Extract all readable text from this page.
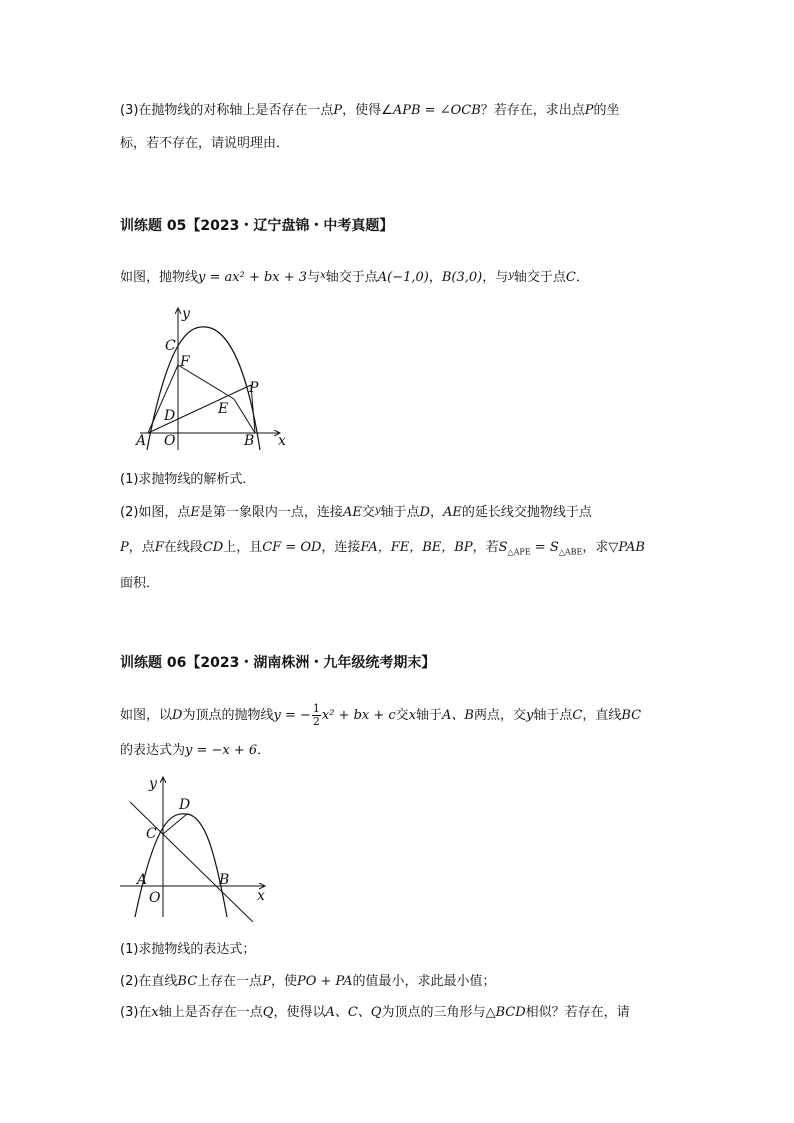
(3)在抛物线的对称轴上是否存在一点P，使得∠APB = ∠OCB？若存在，求出点P的坐
标，若不存在，请说明理由．
训练题 05【2023・辽宁盘锦・中考真题】
如图，抛物线y = ax² + bx + 3与$^x$轴交于点A(−1,0)，B(3,0)，与$^y$轴交于点C．
y
C
F
P
E
D
A O	B x
(1)求抛物线的解析式．
(2)如图，点E是第一象限内一点，连接AE交$^y$轴于点D，AE的延长线交抛物线于点
P，点F在线段CD上，且CF = OD，连接FA，FE，BE，BP，若$S_{\triangle APE} = S_{\triangle ABE}$，求▽PAB
面积．
训练题 06【2023・湖南株洲・九年级统考期末】
如图，以D为顶点的抛物线y = − $\frac{1}{2} x^2$ + bx + c交x轴于A、B两点，交y轴于点C，直线BC
的表达式为y = −x + 6．
y
D
C
A	B
O	x
(1)求抛物线的表达式；
(2)在直线BC上存在一点P，使PO + PA的值最小，求此最小值；
(3)在x轴上是否存在一点Q，使得以A、C、Q为顶点的三角形与△BCD相似？若存在，请
